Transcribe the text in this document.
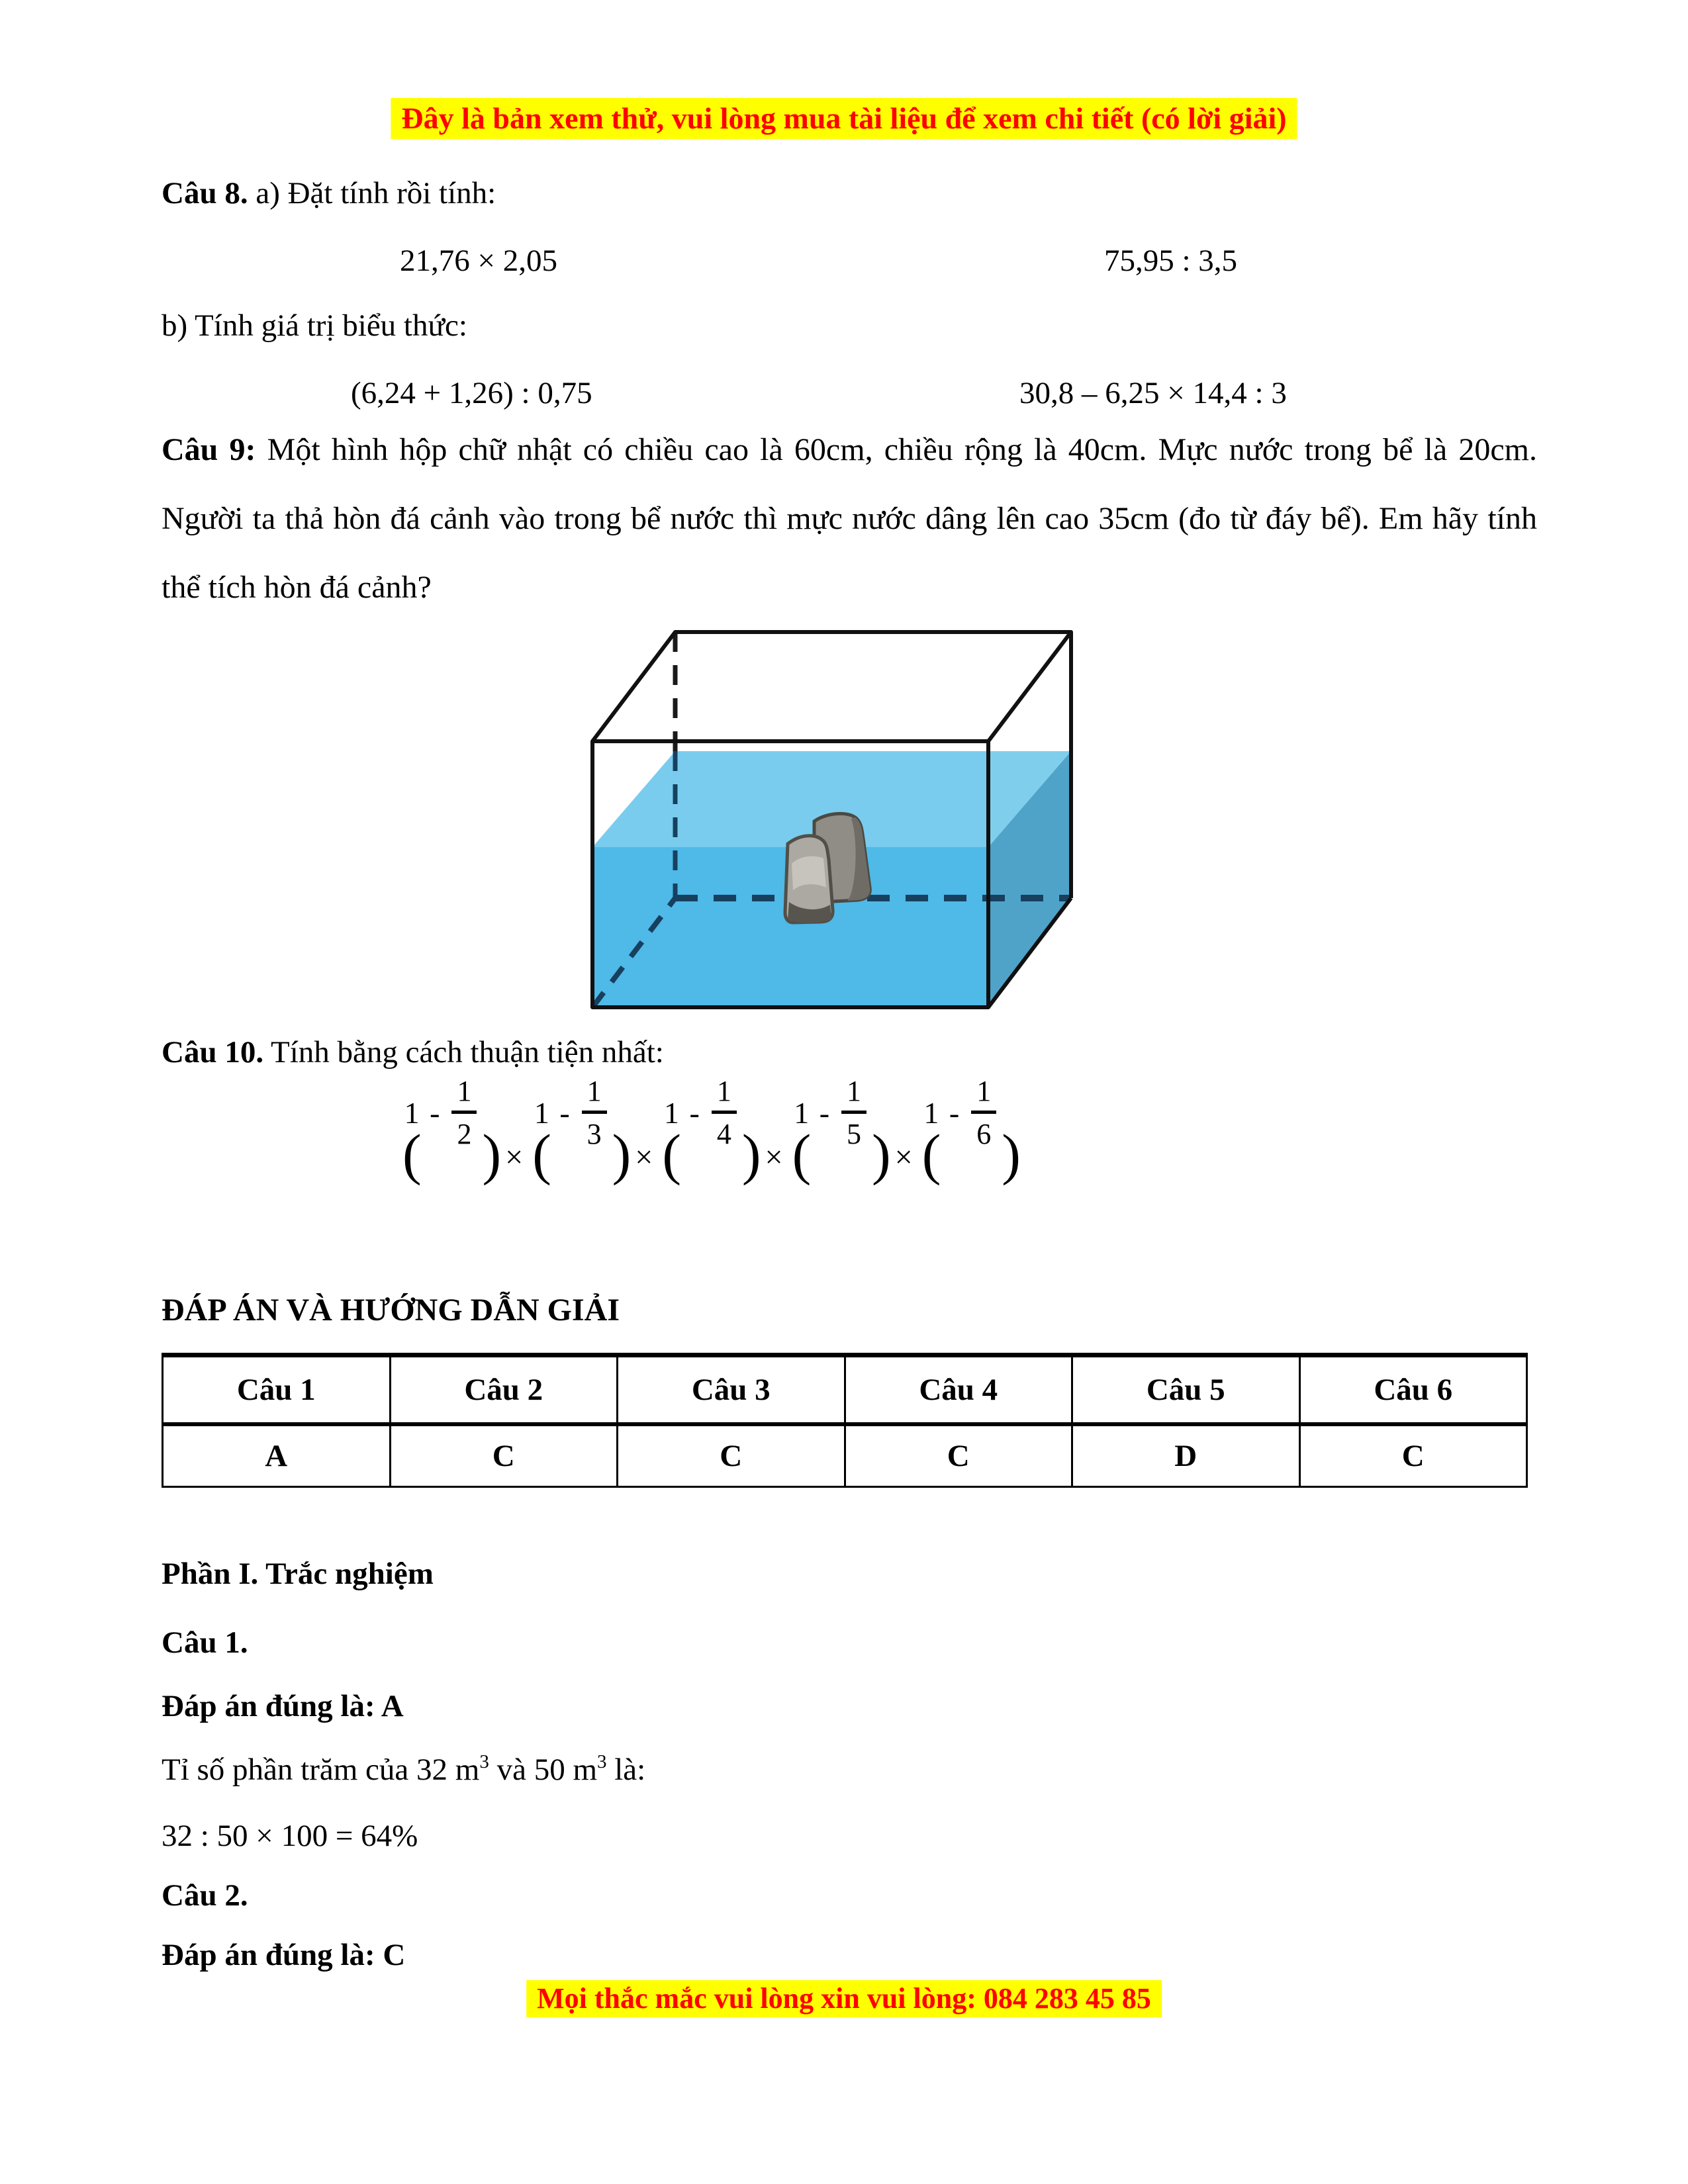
Đây là bản xem thử, vui lòng mua tài liệu để xem chi tiết (có lời giải)
Câu 8. a) Đặt tính rồi tính:
21,76 × 2,05	75,95 : 3,5
b) Tính giá trị biểu thức:
(6,24 + 1,26) : 0,75	30,8 – 6,25 × 14,4 : 3
Câu 9: Một hình hộp chữ nhật có chiều cao là 60cm, chiều rộng là 40cm. Mực nước trong bể là 20cm. Người ta thả hòn đá cảnh vào trong bể nước thì mực nước dâng lên cao 35cm (đo từ đáy bể). Em hãy tính thể tích hòn đá cảnh?
Câu 10. Tính bằng cách thuận tiện nhất:
(
$1 - \frac{1}{2}$
) × (
$1 - \frac{1}{3}$
) × (
$1 - \frac{1}{4}$
) × (
$1 - \frac{1}{5}$
) × (
$1 - \frac{1}{6}$
)
ĐÁP ÁN VÀ HƯỚNG DẪN GIẢI
Câu 1	Câu 2	Câu 3	Câu 4	Câu 5	Câu 6
A	C	C	C	D	C
Phần I. Trắc nghiệm
Câu 1.
Đáp án đúng là: A
Tỉ số phần trăm của 32 $m^3$ và 50 $m^3$ là:
32 : 50 × 100 = 64%
Câu 2.
Đáp án đúng là: C
Mọi thắc mắc vui lòng xin vui lòng: 084 283 45 85
